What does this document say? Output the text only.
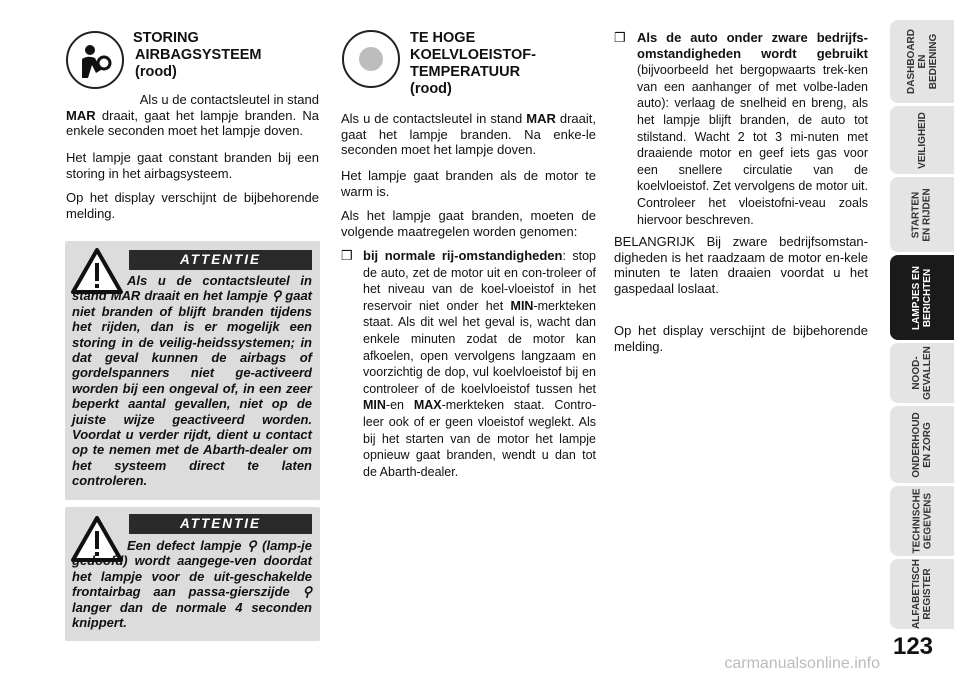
STORING
AIRBAGSYSTEEM
(rood)
Als u de contactsleutel in stand
MAR draait, gaat het lampje branden. Na enkele seconden moet het lampje doven.
Het lampje gaat constant branden bij een storing in het airbagsysteem.
Op het display verschijnt de bijbehorende melding.
ATTENTIE
Als u de contactsleutel in stand MAR draait en het lampje ⚲ gaat niet branden of blijft branden tijdens het rijden, dan is er mogelijk een storing in de veilig-heidssystemen; in dat geval kunnen de airbags of gordelspanners niet ge-activeerd worden bij een ongeval of, in een zeer beperkt aantal gevallen, niet op de juiste wijze geactiveerd worden. Voordat u verder rijdt, dient u contact op te nemen met de Abarth-dealer om het systeem direct te laten controleren.
ATTENTIE
Een defect lampje ⚲ (lamp-je gedoofd) wordt aangege-ven doordat het lampje voor de uit-geschakelde frontairbag aan passa-gierszijde ⚲ langer dan de normale 4 seconden knippert.
TE HOGE
KOELVLOEISTOF-
TEMPERATUUR
(rood)
Als u de contactsleutel in stand MAR draait, gaat het lampje branden. Na enke-le seconden moet het lampje doven.
Het lampje gaat branden als de motor te warm is.
Als het lampje gaat branden, moeten de volgende maatregelen worden genomen:
❒ bij normale rij-omstandigheden: stop de auto, zet de motor uit en con-troleer of het niveau van de koel-vloeistof in het reservoir niet onder het MIN-merkteken staat. Als dit wel het geval is, wacht dan enkele minuten zodat de motor kan afkoelen, open vervolgens langzaam en voorzichtig de dop, vul koelvloeistof bij en controleer of de koelvloeistof tussen het MIN-en MAX-merkteken staat. Contro-leer ook of er geen vloeistof weglekt. Als bij het starten van de motor het lampje opnieuw gaat branden, wendt u dan tot de Abarth-dealer.
❒ Als de auto onder zware bedrijfs-omstandigheden wordt gebruikt (bijvoorbeeld het bergopwaarts trek-ken van een aanhanger of met volbe-laden auto): verlaag de snelheid en breng, als het lampje blijft branden, de auto tot stilstand. Wacht 2 tot 3 mi-nuten met draaiende motor en geef iets gas voor een snellere circulatie van de koelvloeistof. Zet vervolgens de motor uit. Controleer het vloeistofni-veau zoals hiervoor beschreven.
BELANGRIJK Bij zware bedrijfsomstan-digheden is het raadzaam de motor en-kele minuten te laten draaien voordat u het gaspedaal loslaat.
Op het display verschijnt de bijbehorende melding.
DASHBOARD
EN BEDIENING
VEILIGHEID
STARTEN
EN RIJDEN
LAMPJES EN
BERICHTEN
NOOD-
GEVALLEN
ONDERHOUD
EN ZORG
TECHNISCHE
GEGEVENS
ALFABETISCH
REGISTER
123
carmanualsonline.info
